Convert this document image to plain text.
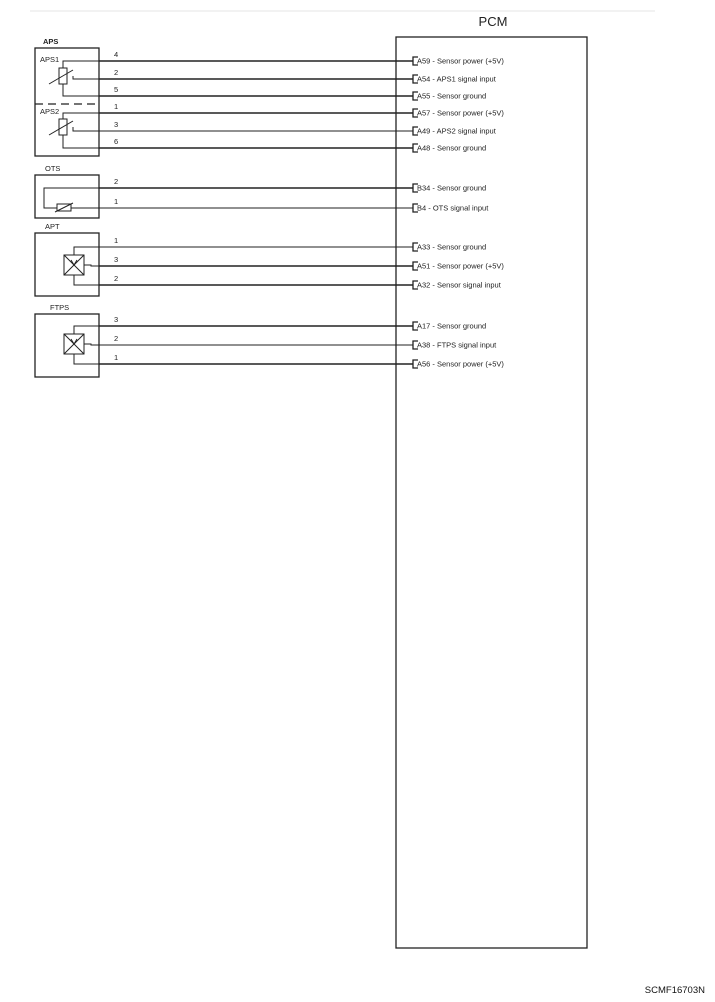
PCM
APS
APS1
APS2
OTS
APT
FTPS
4
A59 - Sensor power (+5V)
2
A54 - APS1 signal input
5
A55 - Sensor ground
1
A57 - Sensor power (+5V)
3
A49 - APS2 signal input
6
A48 - Sensor ground
2
B34 - Sensor ground
1
B4 - OTS signal input
1
A33 - Sensor ground
3
A51 - Sensor power (+5V)
2
A32 - Sensor signal input
3
A17 - Sensor ground
2
A38 - FTPS signal input
1
A56 - Sensor power (+5V)
SCMF16703N
